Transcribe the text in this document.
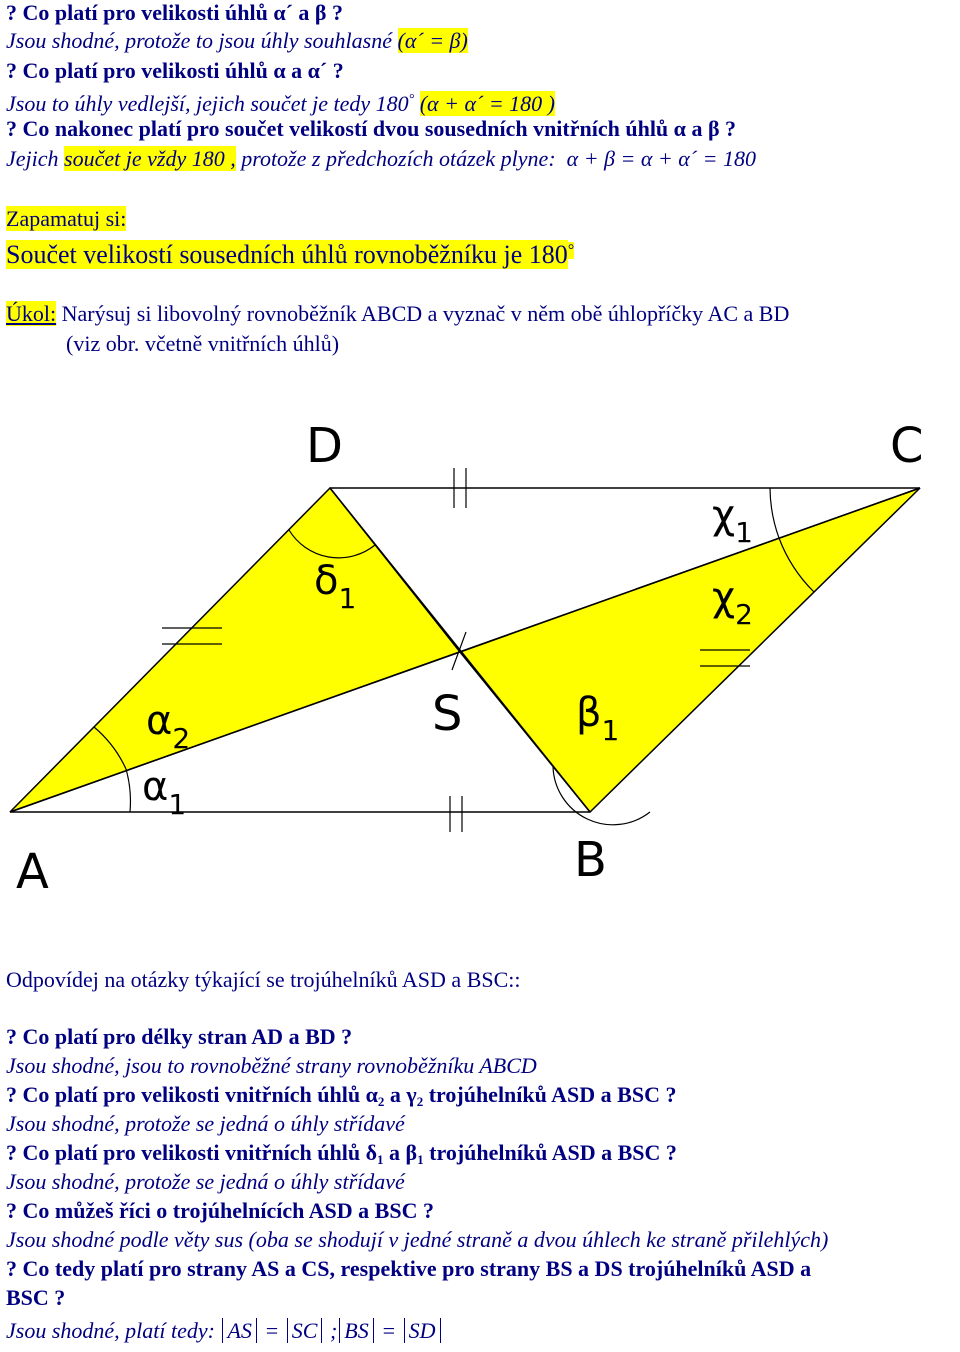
? Co platí pro velikosti úhlů α´ a β ?
Jsou shodné, protože to jsou úhly souhlasné (α´ = β)
? Co platí pro velikosti úhlů α a α´ ?
Jsou to úhly vedlejší, jejich součet je tedy 180° (α + α´ = 180 )
? Co nakonec platí pro součet velikostí dvou sousedních vnitřních úhlů α a β ?
Jejich součet je vždy 180 , protože z předchozích otázek plyne: α + β = α + α´ = 180
Zapamatuj si:
Součet velikostí sousedních úhlů rovnoběžníku je 180°
Úkol: Narýsuj si libovolný rovnoběžník ABCD a vyznač v něm obě úhlopříčky AC a BD
(viz obr. včetně vnitřních úhlů)
D	C
S
A	B
$\delta_1$
$\chi_1$
$\chi_2$
$\alpha_2$
$\alpha_1$
$\beta_1$
Odpovídej na otázky týkající se trojúhelníků ASD a BSC::
? Co platí pro délky stran AD a BD ?
Jsou shodné, jsou to rovnoběžné strany rovnoběžníku ABCD
? Co platí pro velikosti vnitřních úhlů $\alpha_2$ a $\gamma_2$ trojúhelníků ASD a BSC ?
Jsou shodné, protože se jedná o úhly střídavé
? Co platí pro velikosti vnitřních úhlů $\delta_1$ a $\beta_1$ trojúhelníků ASD a BSC ?
Jsou shodné, protože se jedná o úhly střídavé
? Co můžeš říci o trojúhelnících ASD a BSC ?
Jsou shodné podle věty sus (oba se shodují v jedné straně a dvou úhlech ke straně přilehlých)
? Co tedy platí pro strany AS a CS, respektive pro strany BS a DS trojúhelníků ASD a
BSC ?
Jsou shodné, platí tedy: AS = SC ; BS = SD
